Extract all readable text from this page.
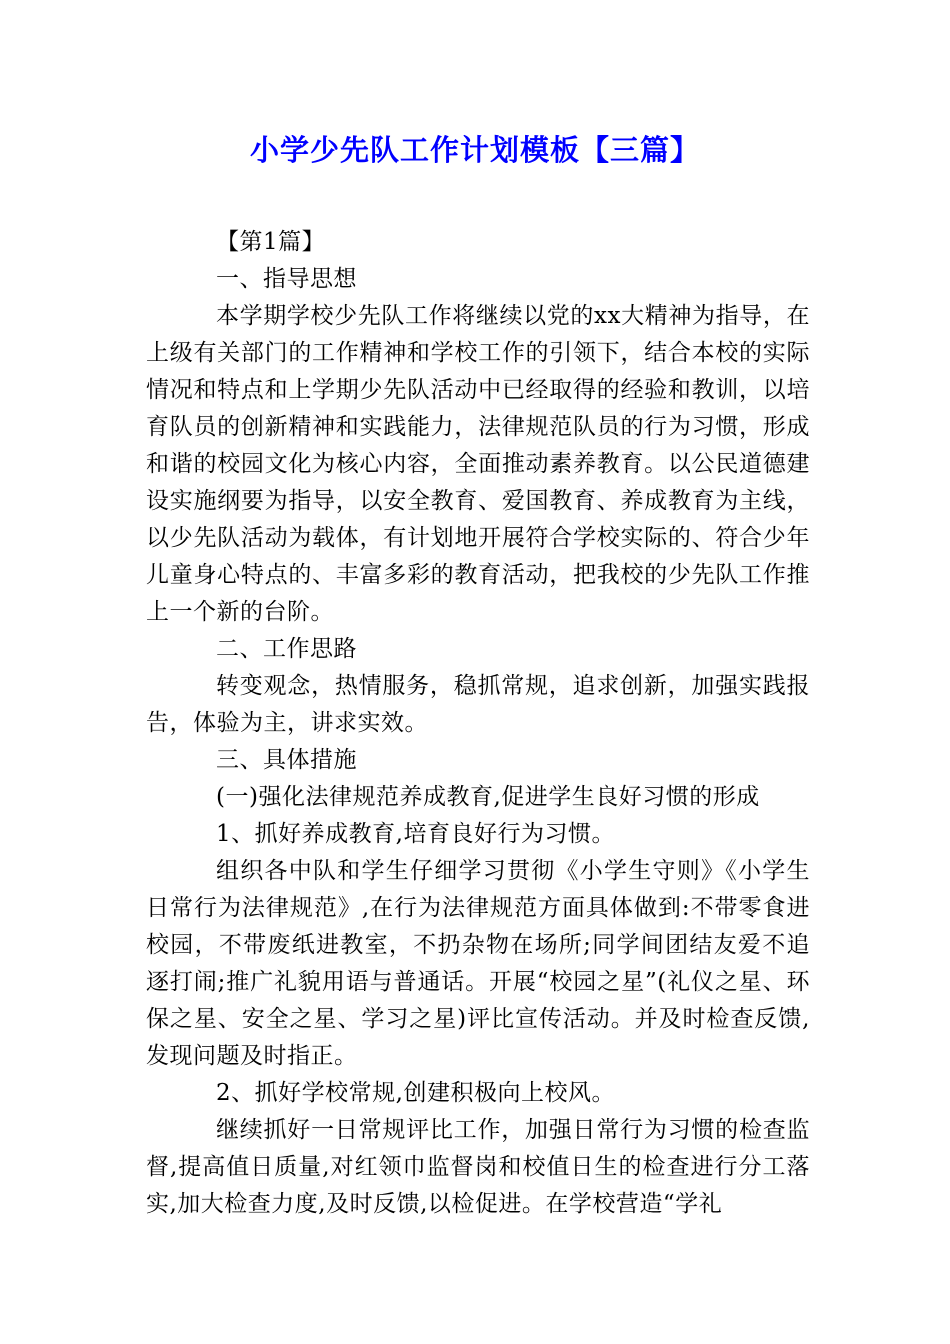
小学少先队工作计划模板【三篇】

【第1篇】

一、指导思想

本学期学校少先队工作将继续以党的xx大精神为指导，在上级有关部门的工作精神和学校工作的引领下，结合本校的实际情况和特点和上学期少先队活动中已经取得的经验和教训，以培育队员的创新精神和实践能力，法律规范队员的行为习惯，形成和谐的校园文化为核心内容，全面推动素养教育。以公民道德建设实施纲要为指导，以安全教育、爱国教育、养成教育为主线，以少先队活动为载体，有计划地开展符合学校实际的、符合少年儿童身心特点的、丰富多彩的教育活动，把我校的少先队工作推上一个新的台阶。

二、工作思路

转变观念，热情服务，稳抓常规，追求创新，加强实践报告，体验为主，讲求实效。

三、具体措施

(一)强化法律规范养成教育,促进学生良好习惯的形成

1、抓好养成教育,培育良好行为习惯。

组织各中队和学生仔细学习贯彻《小学生守则》《小学生日常行为法律规范》,在行为法律规范方面具体做到:不带零食进校园，不带废纸进教室，不扔杂物在场所;同学间团结友爱不追逐打闹;推广礼貌用语与普通话。开展“校园之星”(礼仪之星、环保之星、安全之星、学习之星)评比宣传活动。并及时检查反馈,发现问题及时指正。

2、抓好学校常规,创建积极向上校风。

继续抓好一日常规评比工作，加强日常行为习惯的检查监督,提高值日质量,对红领巾监督岗和校值日生的检查进行分工落实,加大检查力度,及时反馈,以检促进。在学校营造“学礼
